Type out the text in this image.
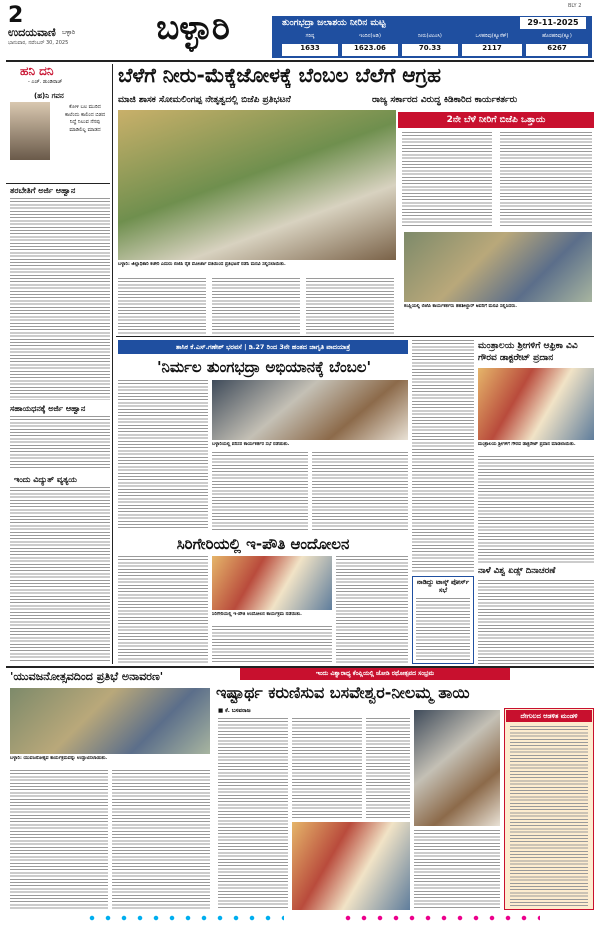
2
ಉದಯವಾಣಿ ಬಳ್ಳಾರಿ
ಭಾನುವಾರ, ನವೆಂಬರ್ 30, 2025	ಬಳ್ಳಾರಿ
BLY 2
ತುಂಗಭದ್ರಾ ಜಲಾಶಯ ನೀರಿನ ಮಟ್ಟ	29-11-2025
ಗರಿಷ್ಠ	ಇಂದಿನ(ಅಡಿ)	ನೀರು(ಟಿಎಂಸಿ)	ಒಳಹರಿವು(ಕ್ಯೂಸೆಕ್)	ಹೊರಹರಿವು(ಕ್ಯೂ)
1633	1623.06	70.33	2117	6267
ಹನಿ ದನಿ
- ಎಚ್. ಡುಂಡಿರಾಜ್
(ಹ)ನಿ ಗವನ
ಕೋಳಿ ಬಲ ಮುರಿದ ಕಾಲೆಂದು ಕಾಲಿಂದ ಬಿಡದ ನಿದ್ದೆ ನಿಲುವ ನೆನಪು ಮಾಡಿಲಿಲ್ಲ ಮಾಡದ
ತರಬೇತಿಗೆ ಅರ್ಜಿ ಆಹ್ವಾನ
ಸಹಾಯಧನಕ್ಕೆ ಅರ್ಜಿ ಆಹ್ವಾನ
ಇಂದು ವಿದ್ಯುತ್ ವ್ಯತ್ಯಯ
ಬೆಳೆಗೆ ನೀರು-ಮೆಕ್ಕೆಜೋಳಕ್ಕೆ ಬೆಂಬಲ ಬೆಲೆಗೆ ಆಗ್ರಹ
ಮಾಜಿ ಶಾಸಕ ಸೋಮಲಿಂಗಪ್ಪ ನೇತೃತ್ವದಲ್ಲಿ ಬಿಜೆಪಿ ಪ್ರತಿಭಟನೆ	ರಾಜ್ಯ ಸರ್ಕಾರದ ವಿರುದ್ಧ ಕಿಡಿಕಾರಿದ ಕಾರ್ಯಕರ್ತರು
ಬಳ್ಳಾರಿ: ಜಿಲ್ಲಾಧಿಕಾರಿ ಕಚೇರಿ ಎದುರು ಬಿಜೆಪಿ ರೈತ ಮೋರ್ಚಾ ವತಿಯಿಂದ ಪ್ರತಿಭಟನೆ ನಡೆಸಿ ಮನವಿ ಸಲ್ಲಿಸಲಾಯಿತು.
2ನೇ ಬೆಳೆ ನೀರಿಗೆ ಬಿಜೆಪಿ ಒತ್ತಾಯ
ಕಂಪ್ಲಿಯಲ್ಲಿ ಬಿಜೆಪಿ ಕಾರ್ಯಕರ್ತರು ತಹಶೀಲ್ದಾರ್ ಅವರಿಗೆ ಮನವಿ ಸಲ್ಲಿಸಿದರು.
ತಾಸಿಕ ಕೆ.ಎಸ್.ಗಣೇಶ್ ಭರವಸೆ | ಡಿ.27 ರಿಂದ 3ನೇ ಹಂತದ ಜಾಗೃತಿ ಪಾದಯಾತ್ರೆ
'ನಿರ್ಮಲ ತುಂಗಭದ್ರಾ ಅಭಿಯಾನಕ್ಕೆ ಬೆಂಬಲ'
ಬಳ್ಳಾರಿಯಲ್ಲಿ ಪರಿಸರ ಕಾರ್ಯಕರ್ತರ ಸಭೆ ನಡೆಯಿತು.
ಸಿರಿಗೇರಿಯಲ್ಲಿ ಇ-ಪೌತಿ ಆಂದೋಲನ
ಸಿರಿಗೇರಿಯಲ್ಲಿ ಇ-ಪೌತಿ ಆಂದೋಲನ ಕಾರ್ಯಕ್ರಮ ನಡೆಯಿತು.
ನಾಡಿದ್ದು ಟಾಸ್ಕ್ ಪೋರ್ಸ್ ಸಭೆ
ಮಂತ್ರಾಲಯ ಶ್ರೀಗಳಿಗೆ ಆಫ್ರಿಕಾ ವಿವಿ ಗೌರವ ಡಾಕ್ಟರೇಟ್ ಪ್ರದಾನ
ಮಂತ್ರಾಲಯ ಶ್ರೀಗಳಿಗೆ ಗೌರವ ಡಾಕ್ಟರೇಟ್ ಪ್ರದಾನ ಮಾಡಲಾಯಿತು.
ನಾಳೆ ವಿಶ್ವ ಏಡ್ಸ್ ದಿನಾಚರಣೆ
'ಯುವಜನೋತ್ಸವದಿಂದ ಪ್ರತಿಭೆ ಅನಾವರಣ'
ಬಳ್ಳಾರಿ: ಯುವಜನೋತ್ಸವ ಕಾರ್ಯಕ್ರಮವನ್ನು ಉದ್ಘಾಟಿಸಲಾಯಿತು.
ಇಂದು ವಿಶ್ವಾರಾಧ್ಯ ಕೆಂಪ್ಲಿಯಲ್ಲಿ ಜೋಡಿ ರಥೋತ್ಸವದ ಸಂಭ್ರಮ
ಇಷ್ಟಾರ್ಥ ಕರುಣಿಸುವ ಬಸವೇಶ್ವರ-ನೀಲಮ್ಮ ತಾಯಿ
■ ಕೆ. ಬಸವರಾಜ
ದೇಗುಲದ ಆಡಳಿತ ಮಂಡಳಿ
